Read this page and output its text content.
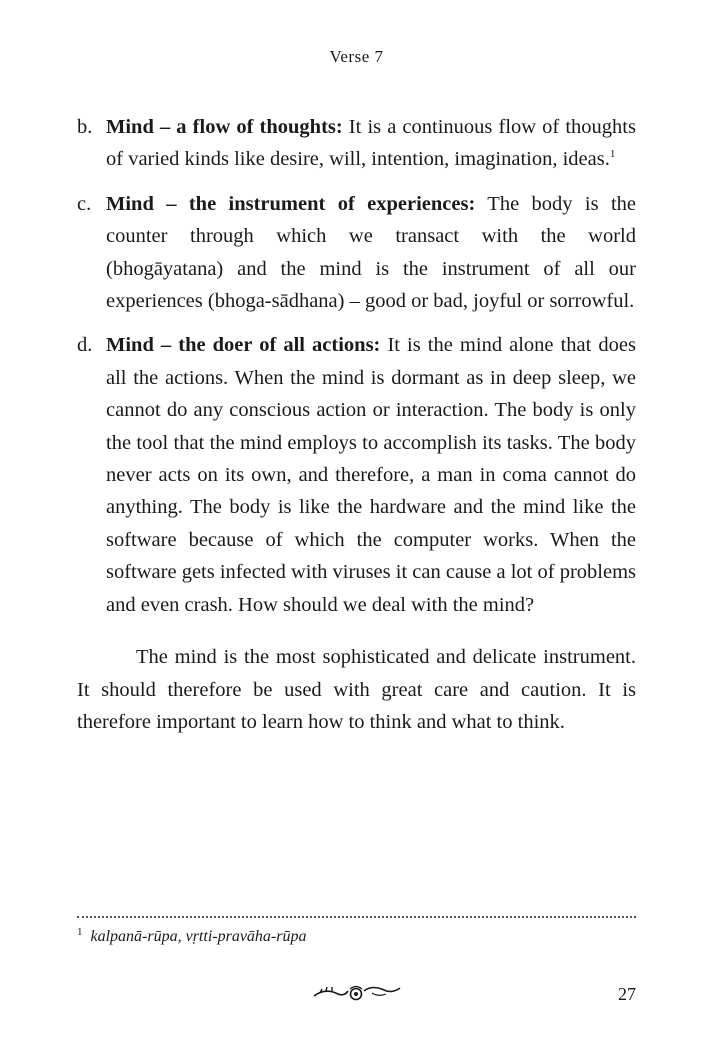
Verse 7
b. Mind – a flow of thoughts: It is a continuous flow of thoughts of varied kinds like desire, will, intention, imagination, ideas.$^1$
c. Mind – the instrument of experiences: The body is the counter through which we transact with the world (bhogāyatana) and the mind is the instrument of all our experiences (bhoga-sādhana) – good or bad, joyful or sorrowful.
d. Mind – the doer of all actions: It is the mind alone that does all the actions. When the mind is dormant as in deep sleep, we cannot do any conscious action or interaction. The body is only the tool that the mind employs to accomplish its tasks. The body never acts on its own, and therefore, a man in coma cannot do anything. The body is like the hardware and the mind like the software because of which the computer works. When the software gets infected with viruses it can cause a lot of problems and even crash. How should we deal with the mind?
The mind is the most sophisticated and delicate instrument. It should therefore be used with great care and caution. It is therefore important to learn how to think and what to think.
$^1$ kalpanā-rūpa, vṛtti-pravāha-rūpa
27
